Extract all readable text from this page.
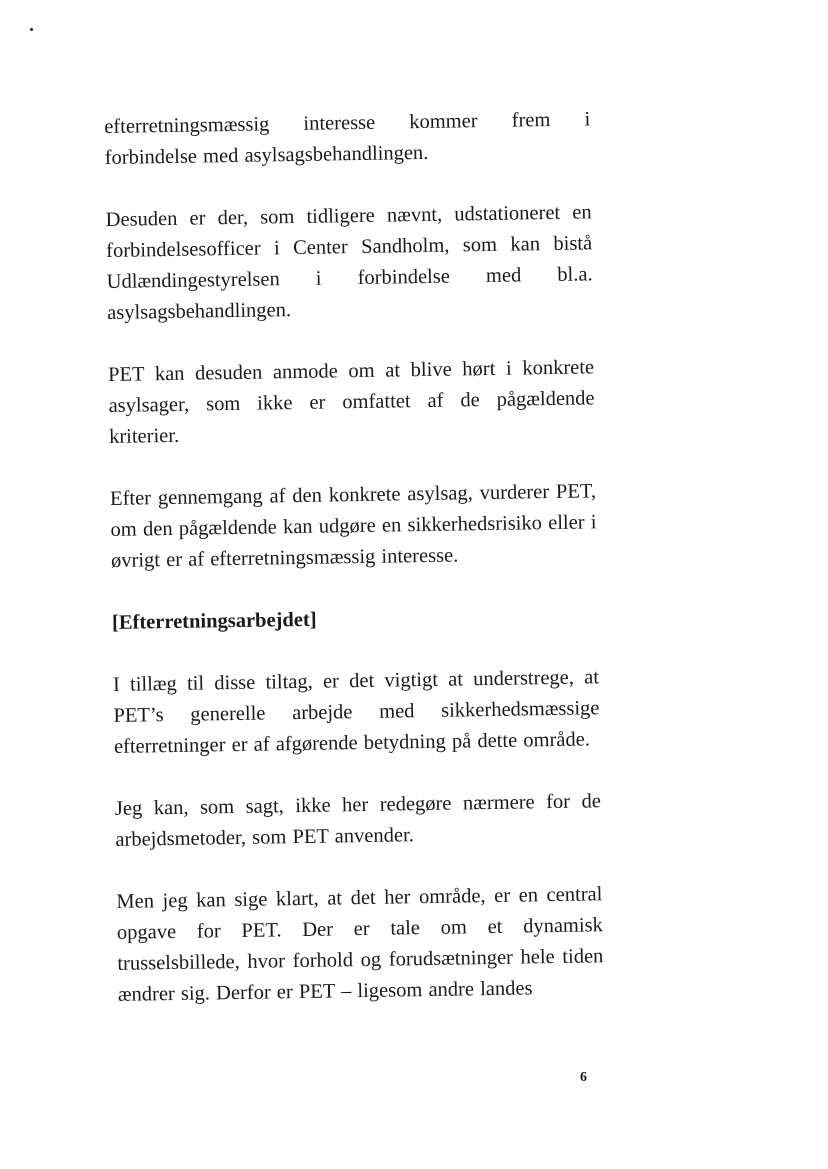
efterretningsmæssig interesse kommer frem i
forbindelse med asylsagsbehandlingen.

Desuden er der, som tidligere nævnt, udstationeret en forbindelsesofficer i Center Sandholm, som kan bistå Udlændingestyrelsen i forbindelse med bl.a. asylsagsbehandlingen.

PET kan desuden anmode om at blive hørt i konkrete asylsager, som ikke er omfattet af de pågældende kriterier.

Efter gennemgang af den konkrete asylsag, vurderer PET, om den pågældende kan udgøre en sikkerhedsrisiko eller i øvrigt er af efterretningsmæssig interesse.

[Efterretningsarbejdet]

I tillæg til disse tiltag, er det vigtigt at understrege, at PET’s generelle arbejde med sikkerhedsmæssige efterretninger er af afgørende betydning på dette område.

Jeg kan, som sagt, ikke her redegøre nærmere for de arbejdsmetoder, som PET anvender.

Men jeg kan sige klart, at det her område, er en central opgave for PET. Der er tale om et dynamisk trusselsbillede, hvor forhold og forudsætninger hele tiden ændrer sig. Derfor er PET – ligesom andre landes

6
